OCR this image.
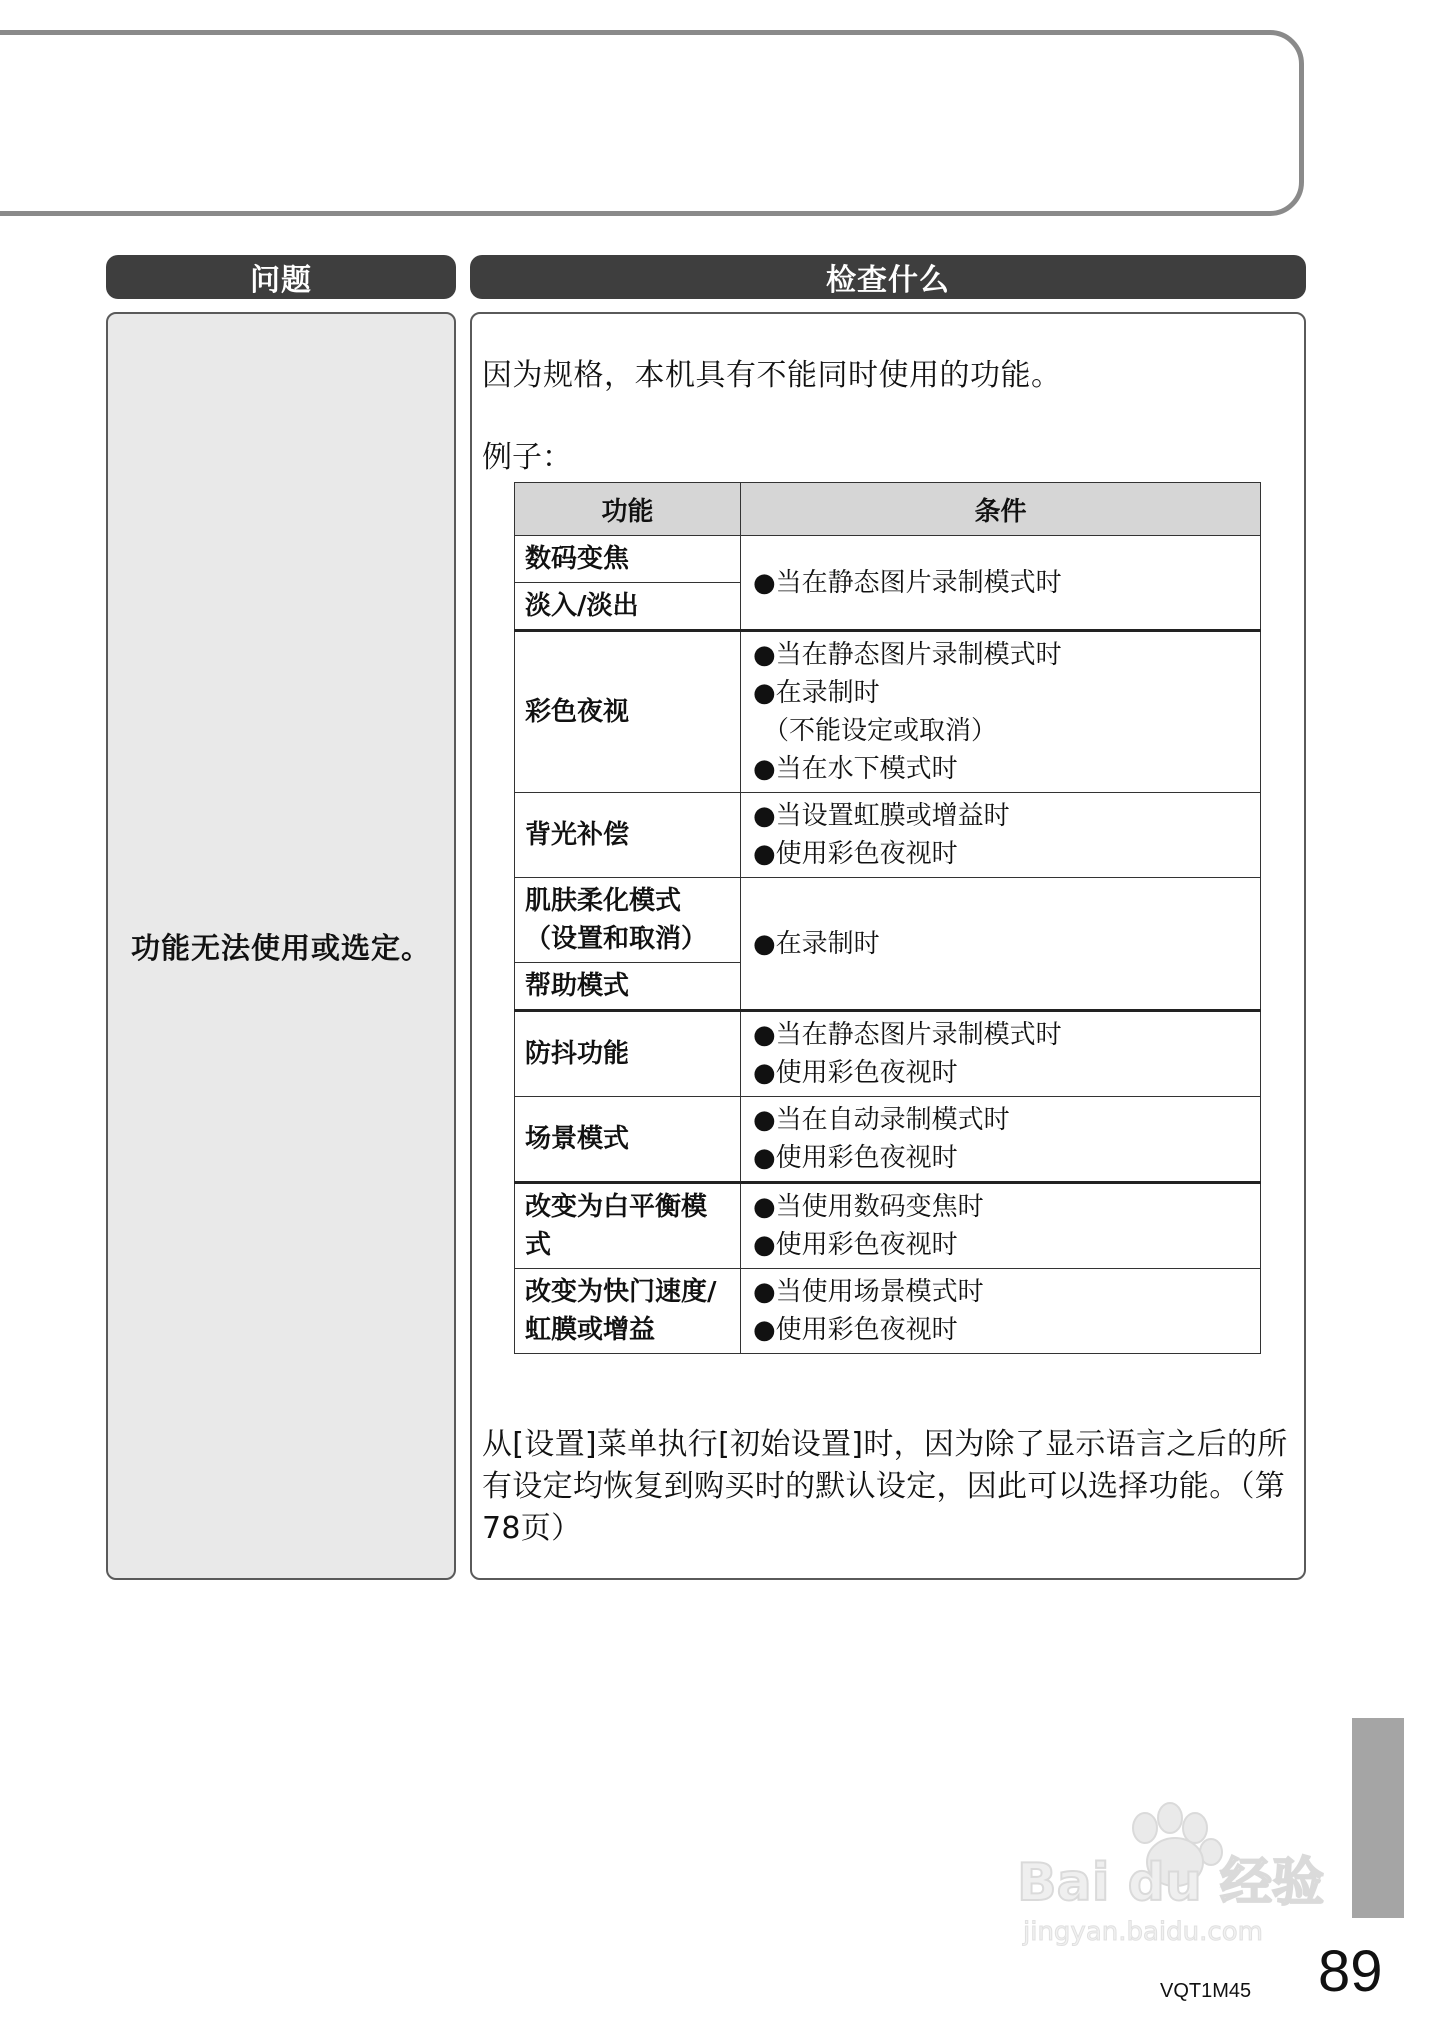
问题	检查什么
功能无法使用或选定。
因为规格，本机具有不能同时使用的功能。
例子：
功能	条件
数码变焦	●当在静态图片录制模式时

淡入/淡出	
彩色夜视	●当在静态图片录制模式时
●在录制时
（不能设定或取消）
●当在水下模式时

背光补偿	●当设置虹膜或增益时
●使用彩色夜视时

肌肤柔化模式
（设置和取消）	●在录制时

帮助模式	
防抖功能	●当在静态图片录制模式时
●使用彩色夜视时

场景模式	●当在自动录制模式时
●使用彩色夜视时

改变为白平衡模式	●当使用数码变焦时
●使用彩色夜视时

改变为快门速度/
虹膜或增益	●当使用场景模式时
●使用彩色夜视时
从[设置]菜单执行[初始设置]时，因为除了显示语言之后的所有设定均恢复到购买时的默认设定，因此可以选择功能。（第78页）
Bai du 经验
jingyan.baidu.com
VQT1M45 89
